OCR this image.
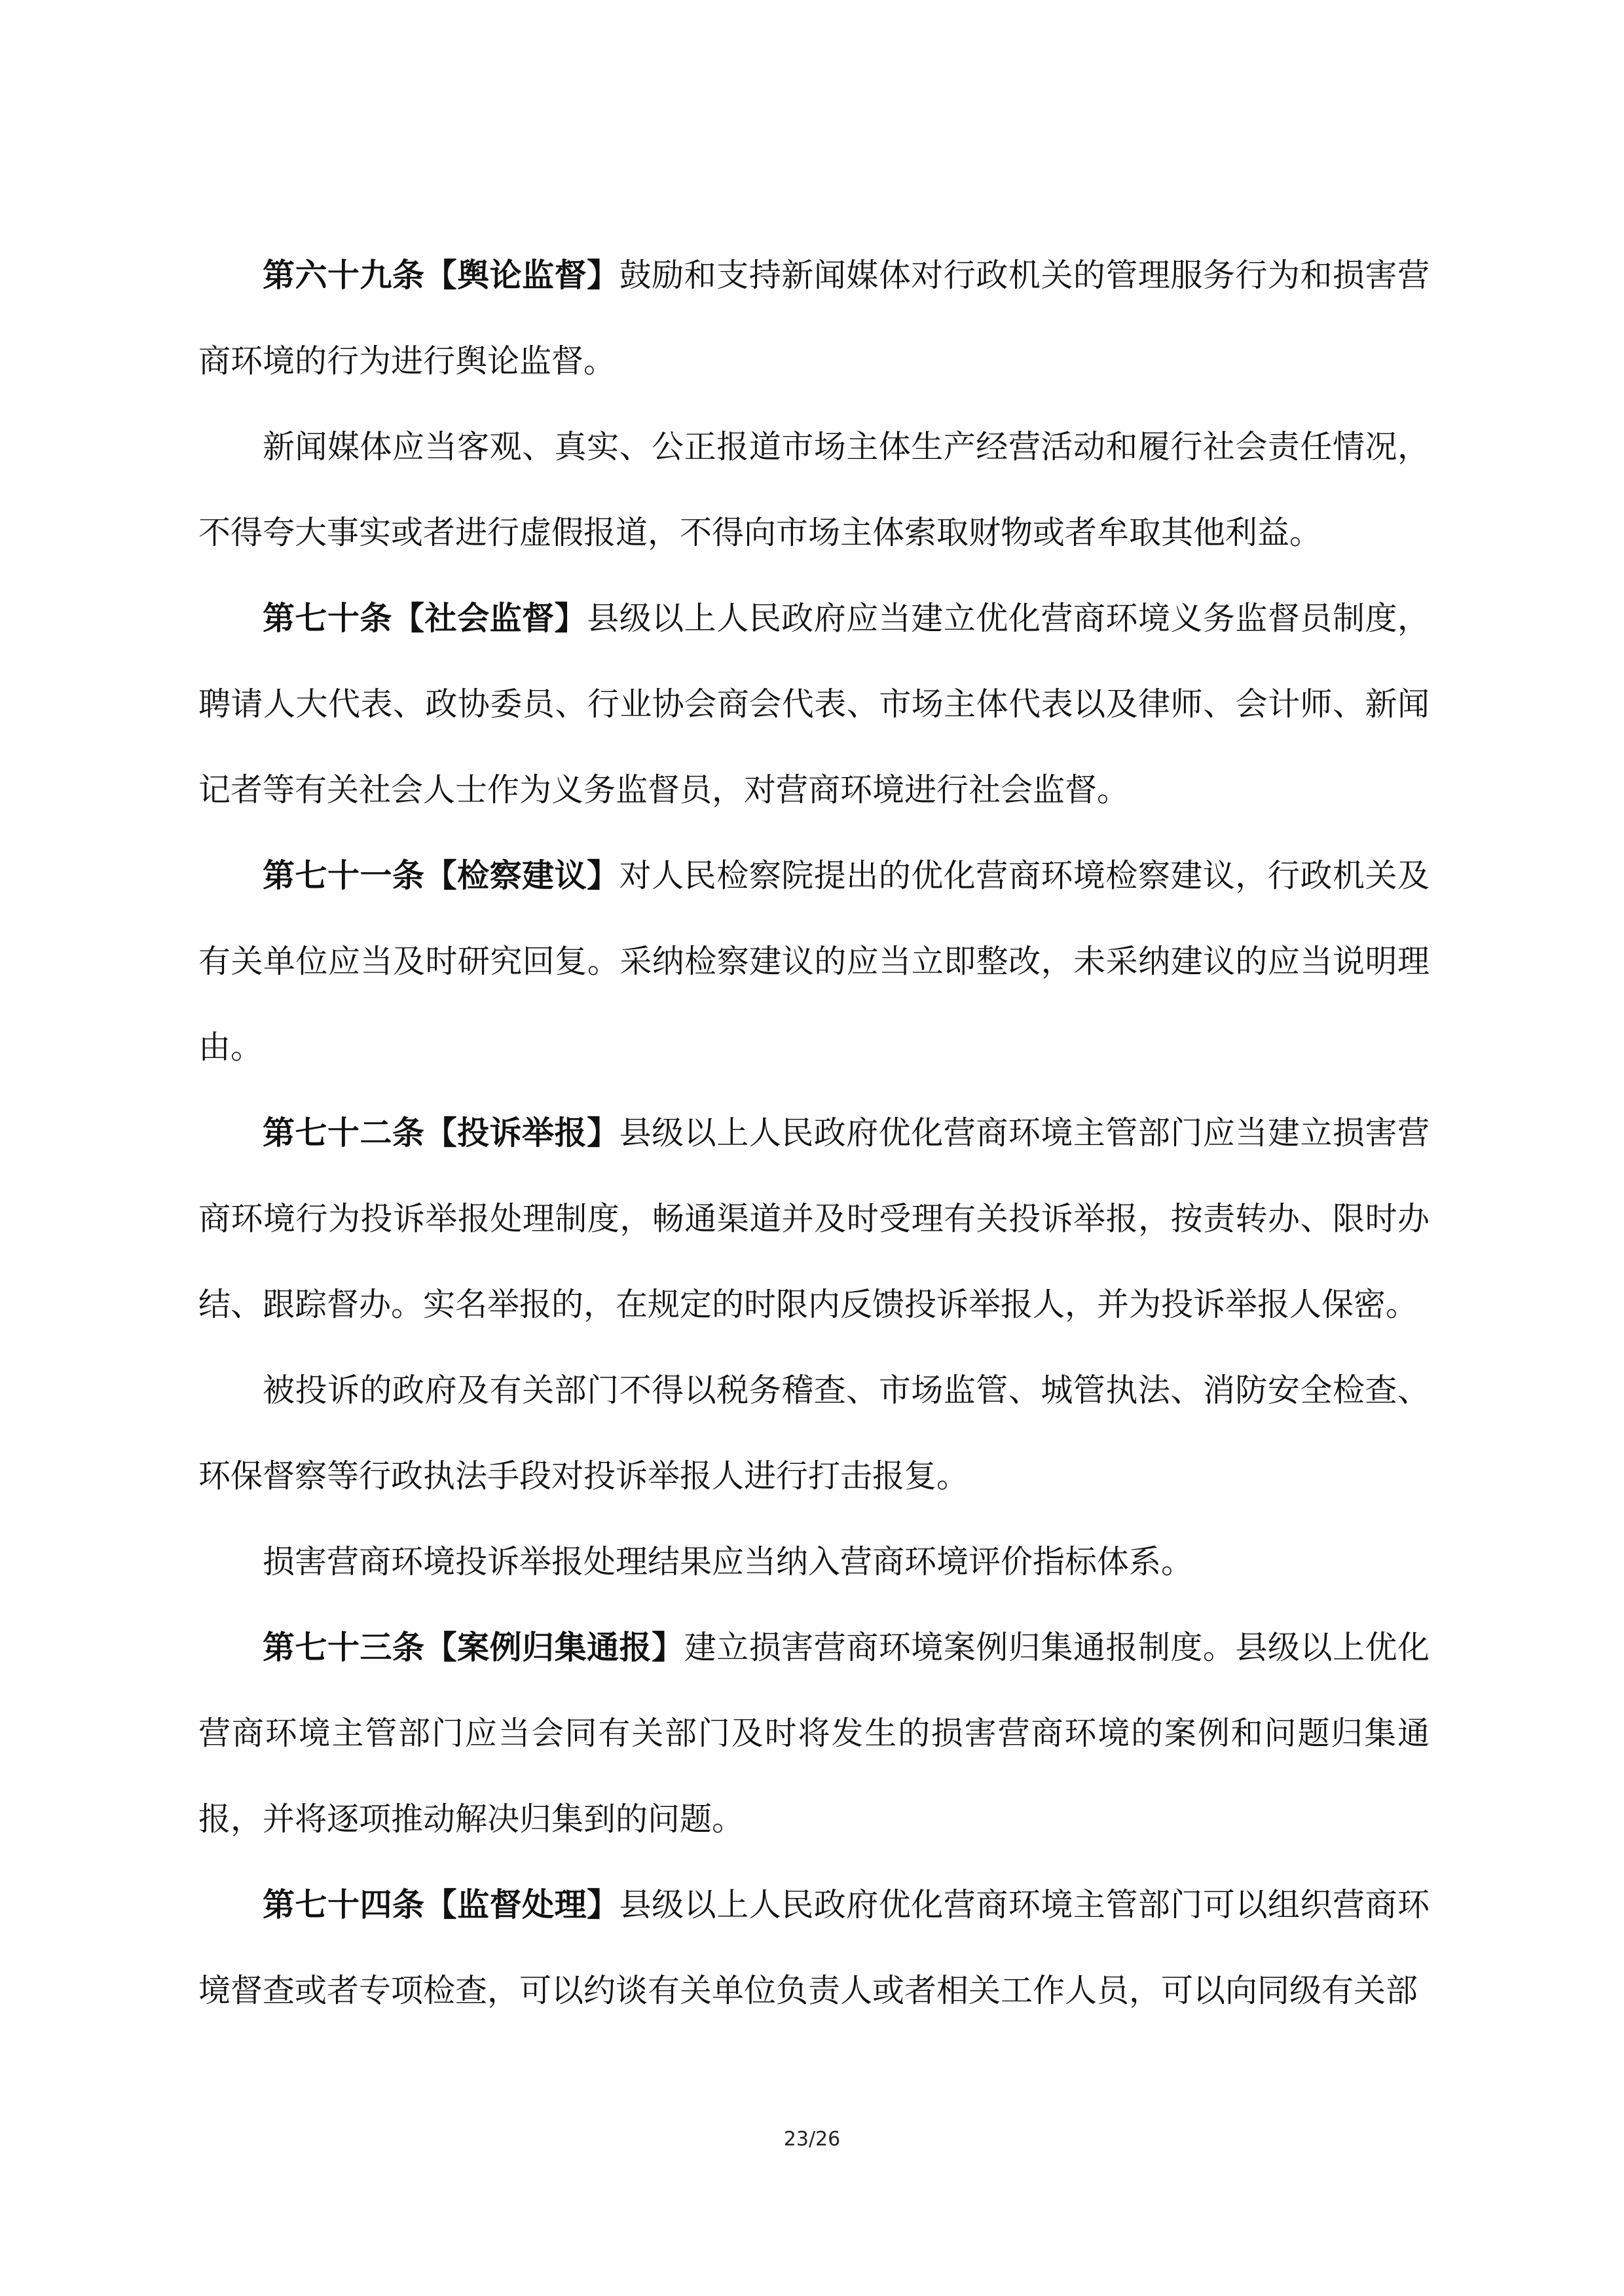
第六十九条【舆论监督】鼓励和支持新闻媒体对行政机关的管理服务行为和损害营商环境的行为进行舆论监督。

新闻媒体应当客观、真实、公正报道市场主体生产经营活动和履行社会责任情况，不得夸大事实或者进行虚假报道，不得向市场主体索取财物或者牟取其他利益。

第七十条【社会监督】县级以上人民政府应当建立优化营商环境义务监督员制度，聘请人大代表、政协委员、行业协会商会代表、市场主体代表以及律师、会计师、新闻记者等有关社会人士作为义务监督员，对营商环境进行社会监督。

第七十一条【检察建议】对人民检察院提出的优化营商环境检察建议，行政机关及有关单位应当及时研究回复。采纳检察建议的应当立即整改，未采纳建议的应当说明理由。

第七十二条【投诉举报】县级以上人民政府优化营商环境主管部门应当建立损害营商环境行为投诉举报处理制度，畅通渠道并及时受理有关投诉举报，按责转办、限时办结、跟踪督办。实名举报的，在规定的时限内反馈投诉举报人，并为投诉举报人保密。

被投诉的政府及有关部门不得以税务稽查、市场监管、城管执法、消防安全检查、环保督察等行政执法手段对投诉举报人进行打击报复。

损害营商环境投诉举报处理结果应当纳入营商环境评价指标体系。

第七十三条【案例归集通报】建立损害营商环境案例归集通报制度。县级以上优化营商环境主管部门应当会同有关部门及时将发生的损害营商环境的案例和问题归集通报，并将逐项推动解决归集到的问题。

第七十四条【监督处理】县级以上人民政府优化营商环境主管部门可以组织营商环境督查或者专项检查，可以约谈有关单位负责人或者相关工作人员，可以向同级有关部

23/26
